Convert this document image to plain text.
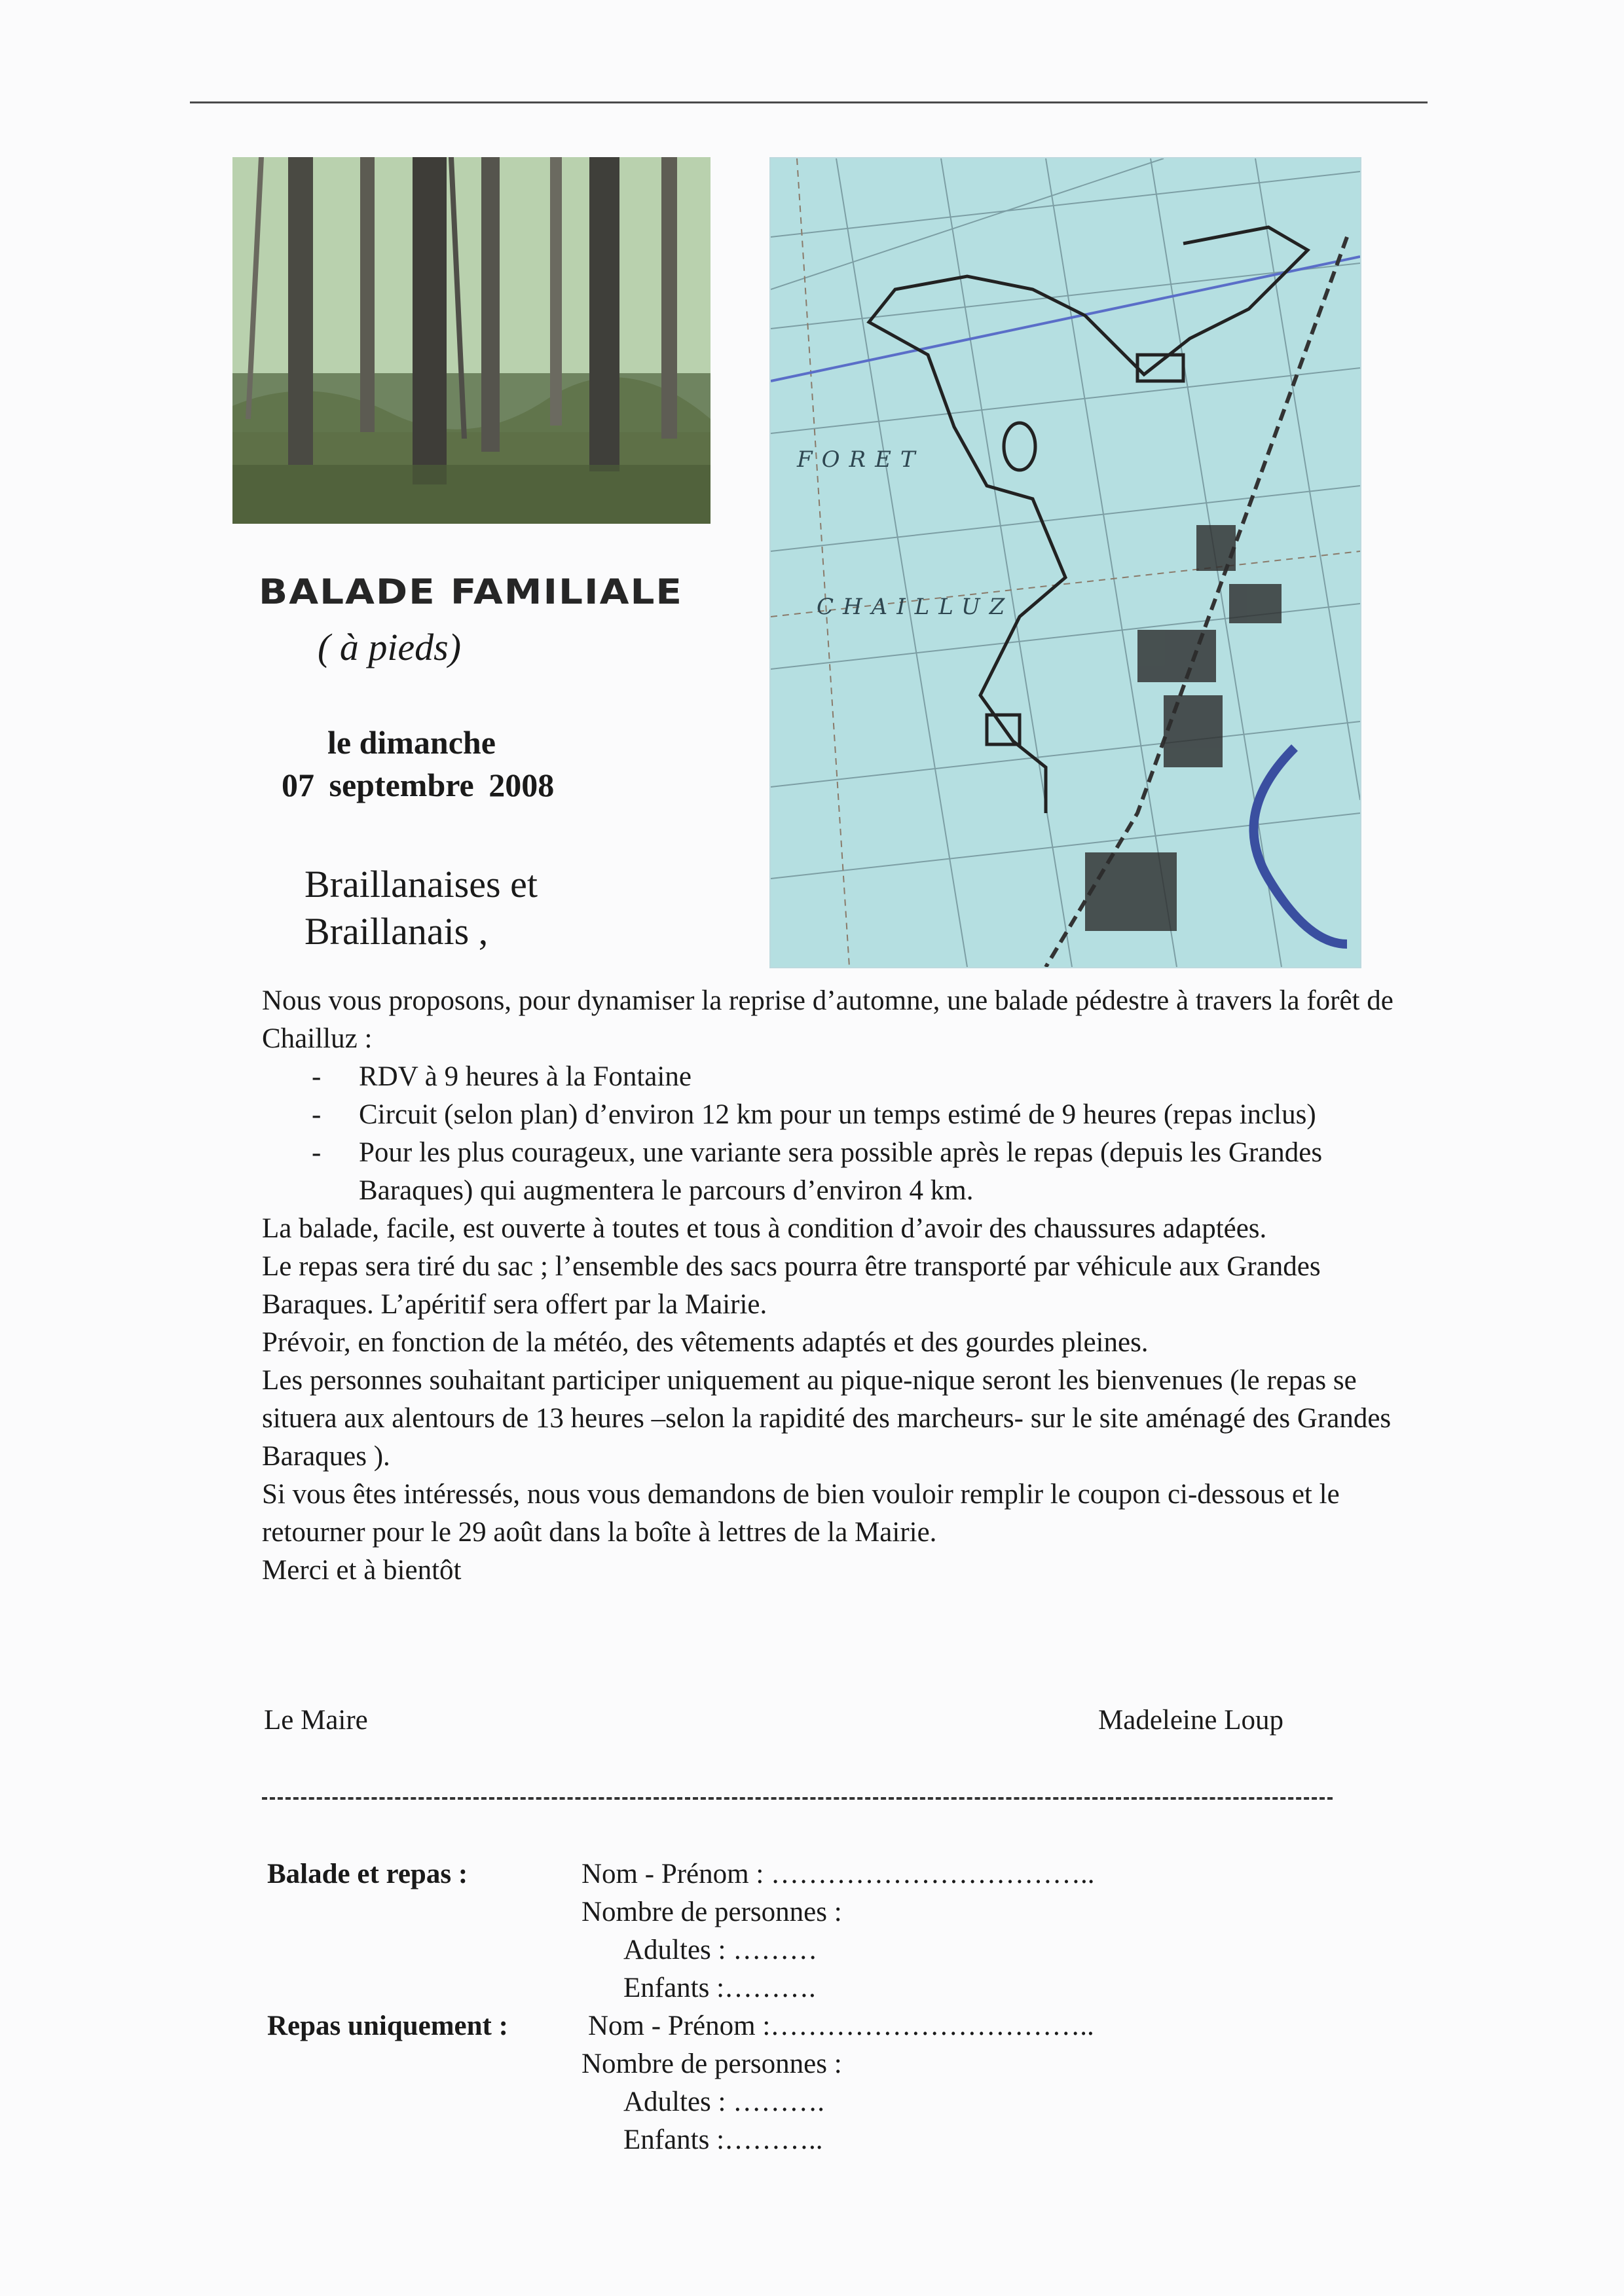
FORET
CHAILLUZ
BALADE FAMILIALE
( à pieds)
le dimanche
07 septembre 2008
Braillanaises et
Braillanais ,

Nous vous proposons, pour dynamiser la reprise d’automne, une balade pédestre à travers la forêt de Chailluz :

- RDV à 9 heures à la Fontaine
- Circuit (selon plan) d’environ 12 km pour un temps estimé de 9 heures (repas inclus)
- Pour les plus courageux, une variante sera possible après le repas (depuis les Grandes Baraques) qui augmentera le parcours d’environ 4 km.

La balade, facile, est ouverte à toutes et tous à condition d’avoir des chaussures adaptées.

Le repas sera tiré du sac ; l’ensemble des sacs pourra être transporté par véhicule aux Grandes Baraques. L’apéritif sera offert par la Mairie.

Prévoir, en fonction de la météo, des vêtements adaptés et des gourdes pleines.

Les personnes souhaitant participer uniquement au pique-nique seront les bienvenues (le repas se situera aux alentours de 13 heures –selon la rapidité des marcheurs- sur le site aménagé des Grandes Baraques ).

Si vous êtes intéressés, nous vous demandons de bien vouloir remplir le coupon ci-dessous et le retourner pour le 29 août dans la boîte à lettres de la Mairie.

Merci et à bientôt

Le Maire	Madeleine Loup
Balade et repas :	Nom - Prénom : ……………………………..
Nombre de personnes :
Adultes : ………
Enfants :……….
Repas uniquement :	Nom - Prénom :……………………………..
Nombre de personnes :
Adultes : ……….
Enfants :………..
